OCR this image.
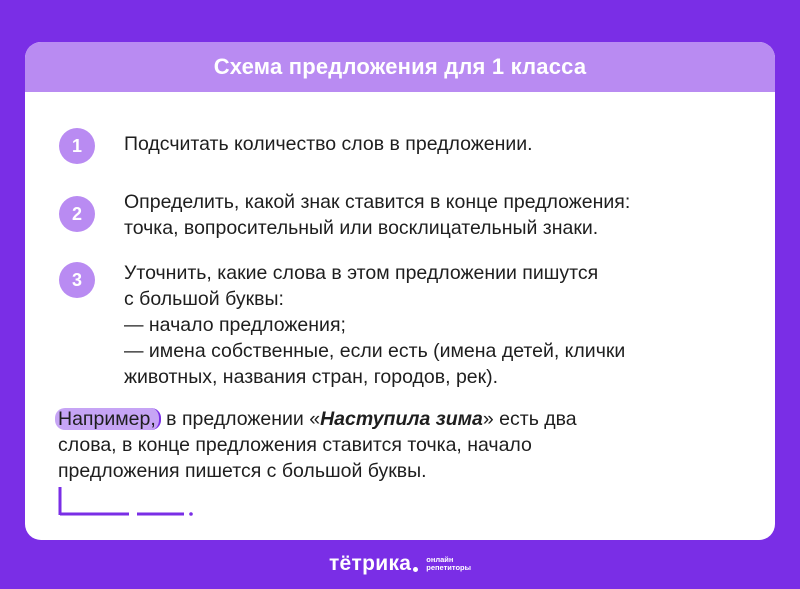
Схема предложения для 1 класса
1	Подсчитать количество слов в предложении.
2
Определить, какой знак ставится в конце предложения:
точка, вопросительный или восклицательный знаки.
3	Уточнить, какие слова в этом предложении пишутся
с большой буквы:
— начало предложения;
— имена собственные, если есть (имена детей, клички
животных, названия стран, городов, рек).
Например, в предложении «Наступила зима» есть два
слова, в конце предложения ставится точка, начало
предложения пишется с большой буквы.
тётрика онлайн
репетиторы
